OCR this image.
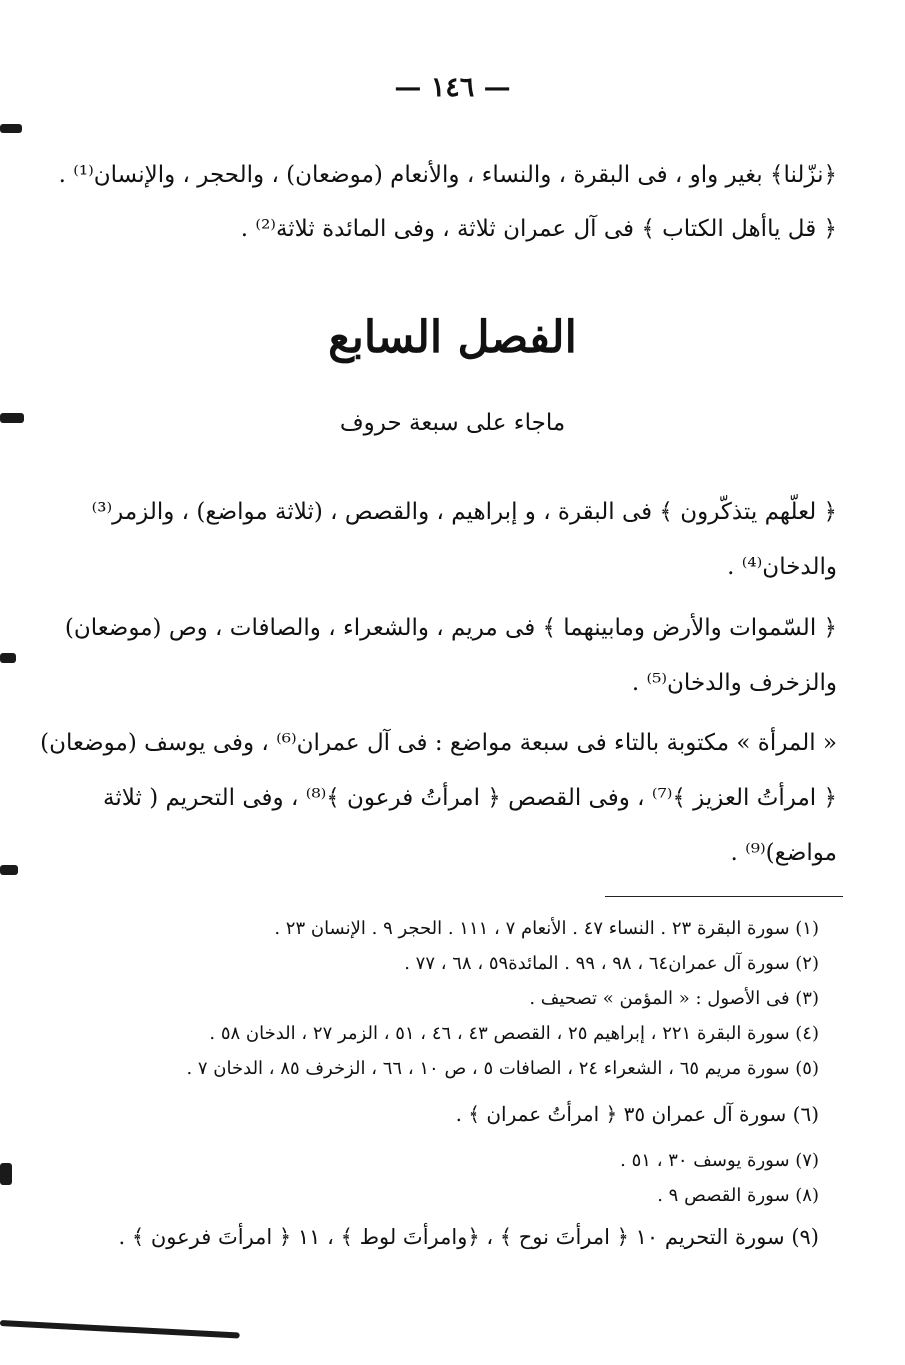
— ١٤٦ —
﴿نزّلنا﴾ بغير واو ، فى البقرة ، والنساء ، والأنعام (موضعان) ، والحجر ، والإنسان⁽¹⁾ .
﴿ قل ياأهل الكتاب ﴾ فى آل عمران ثلاثة ، وفى المائدة ثلاثة⁽²⁾ .
الفصل السابع
ماجاء على سبعة حروف
﴿ لعلّهم يتذكّرون ﴾ فى البقرة ، و إبراهيم ، والقصص ، (ثلاثة مواضع) ، والزمر⁽³⁾
والدخان⁽⁴⁾ .
﴿ السّموات والأرض ومابينهما ﴾ فى مريم ، والشعراء ، والصافات ، وص (موضعان)
والزخرف والدخان⁽⁵⁾ .
« المرأة » مكتوبة بالتاء فى سبعة مواضع : فى آل عمران⁽⁶⁾ ، وفى يوسف (موضعان)
﴿ امرأتُ العزيز ﴾⁽⁷⁾ ، وفى القصص ﴿ امرأتُ فرعون ﴾⁽⁸⁾ ، وفى التحريم ( ثلاثة
مواضع)⁽⁹⁾ .
(١) سورة البقرة ٢٣ . النساء ٤٧ . الأنعام ٧ ، ١١١ . الحجر ٩ . الإنسان ٢٣ .
(٢) سورة آل عمران٦٤ ، ٩٨ ، ٩٩ . المائدة٥٩ ، ٦٨ ، ٧٧ .
(٣) فى الأصول : « المؤمن » تصحيف .
(٤) سورة البقرة ٢٢١ ، إبراهيم ٢٥ ، القصص ٤٣ ، ٤٦ ، ٥١ ، الزمر ٢٧ ، الدخان ٥٨ .
(٥) سورة مريم ٦٥ ، الشعراء ٢٤ ، الصافات ٥ ، ص ١٠ ، ٦٦ ، الزخرف ٨٥ ، الدخان ٧ .
(٦) سورة آل عمران ٣٥ ﴿ امرأتُ عمران ﴾ .
(٧) سورة يوسف ٣٠ ، ٥١ .
(٨) سورة القصص ٩ .
(٩) سورة التحريم ١٠ ﴿ امرأتَ نوح ﴾ ، ﴿وامرأتَ لوط ﴾ ، ١١ ﴿ امرأتَ فرعون ﴾ .
